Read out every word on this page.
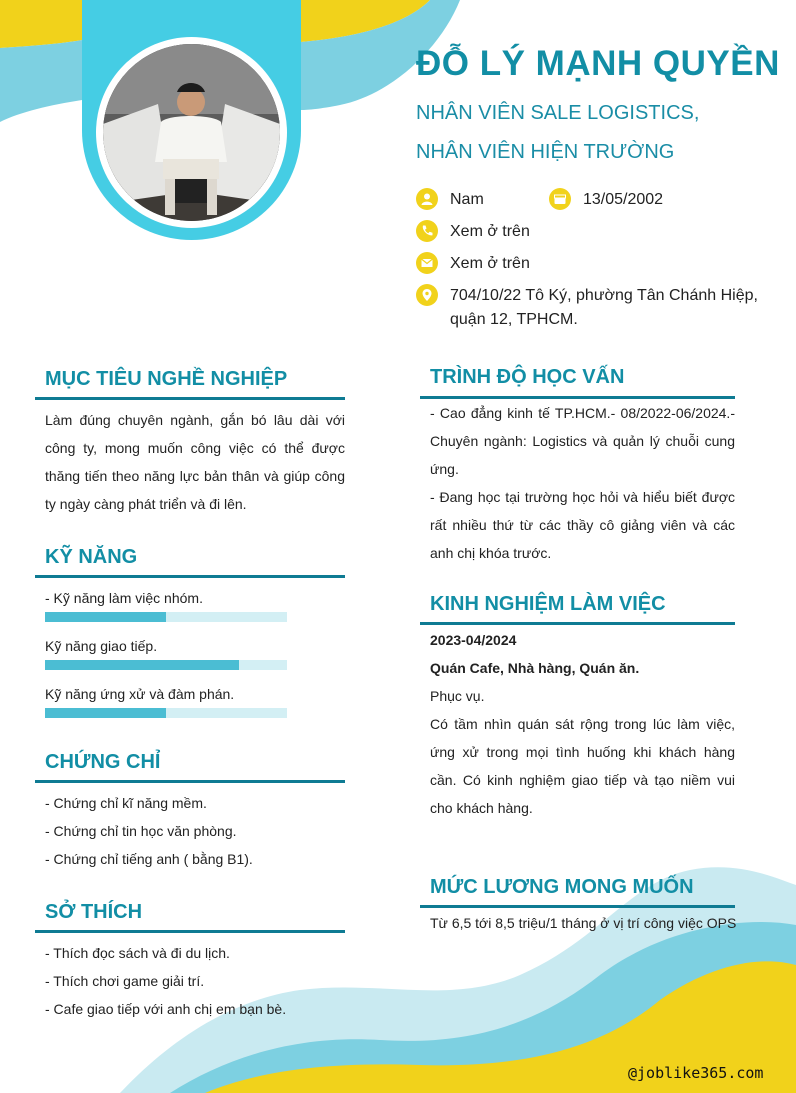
ĐỖ LÝ MẠNH QUYỀN
NHÂN VIÊN SALE LOGISTICS, NHÂN VIÊN HIỆN TRƯỜNG
Nam	13/05/2002
Xem ở trên
Xem ở trên
704/10/22 Tô Ký, phường Tân Chánh Hiệp, quận 12, TPHCM.
MỤC TIÊU NGHỀ NGHIỆP
Làm đúng chuyên ngành, gắn bó lâu dài với công ty, mong muốn công việc có thể được thăng tiến theo năng lực bản thân và giúp công ty ngày càng phát triển và đi lên.
KỸ NĂNG
- Kỹ năng làm việc nhóm.
Kỹ năng giao tiếp.
Kỹ năng ứng xử và đàm phán.
CHỨNG CHỈ
- Chứng chỉ kĩ năng mềm.
- Chứng chỉ tin học văn phòng.
- Chứng chỉ tiếng anh ( bằng B1).
SỞ THÍCH
- Thích đọc sách và đi du lịch.
- Thích chơi game giải trí.
- Cafe giao tiếp với anh chị em bạn bè.
TRÌNH ĐỘ HỌC VẤN
- Cao đẳng kinh tế TP.HCM.- 08/2022-06/2024.- Chuyên ngành: Logistics và quản lý chuỗi cung ứng.
- Đang học tại trường học hỏi và hiểu biết được rất nhiều thứ từ các thầy cô giảng viên và các anh chị khóa trước.
KINH NGHIỆM LÀM VIỆC
2023-04/2024
Quán Cafe, Nhà hàng, Quán ăn.
Phục vụ.
Có tầm nhìn quán sát rộng trong lúc làm việc, ứng xử trong mọi tình huống khi khách hàng cần. Có kinh nghiệm giao tiếp và tạo niềm vui cho khách hàng.
MỨC LƯƠNG MONG MUỐN
Từ 6,5 tới 8,5 triệu/1 tháng ở vị trí công việc OPS
@joblike365.com
